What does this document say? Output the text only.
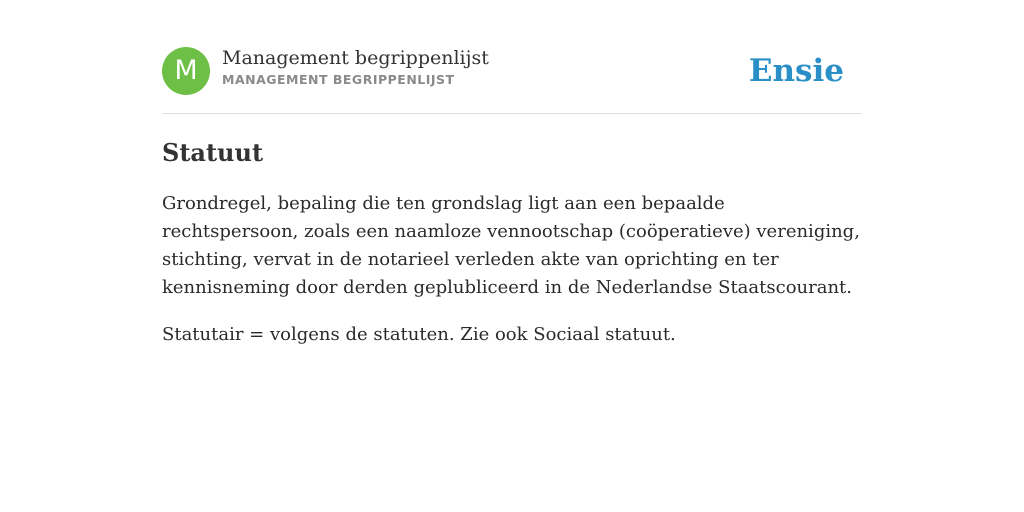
M	Management begrippenlijst
MANAGEMENT BEGRIPPENLIJST	Ensie
Statuut

Grondregel, bepaling die ten grondslag ligt aan een bepaalde rechtspersoon, zoals een naamloze vennootschap (coöperatieve) vereniging, stichting, vervat in de notarieel verleden akte van oprichting en ter kennisneming door derden geplubliceerd in de Nederlandse Staatscourant.

Statutair = volgens de statuten. Zie ook Sociaal statuut.
